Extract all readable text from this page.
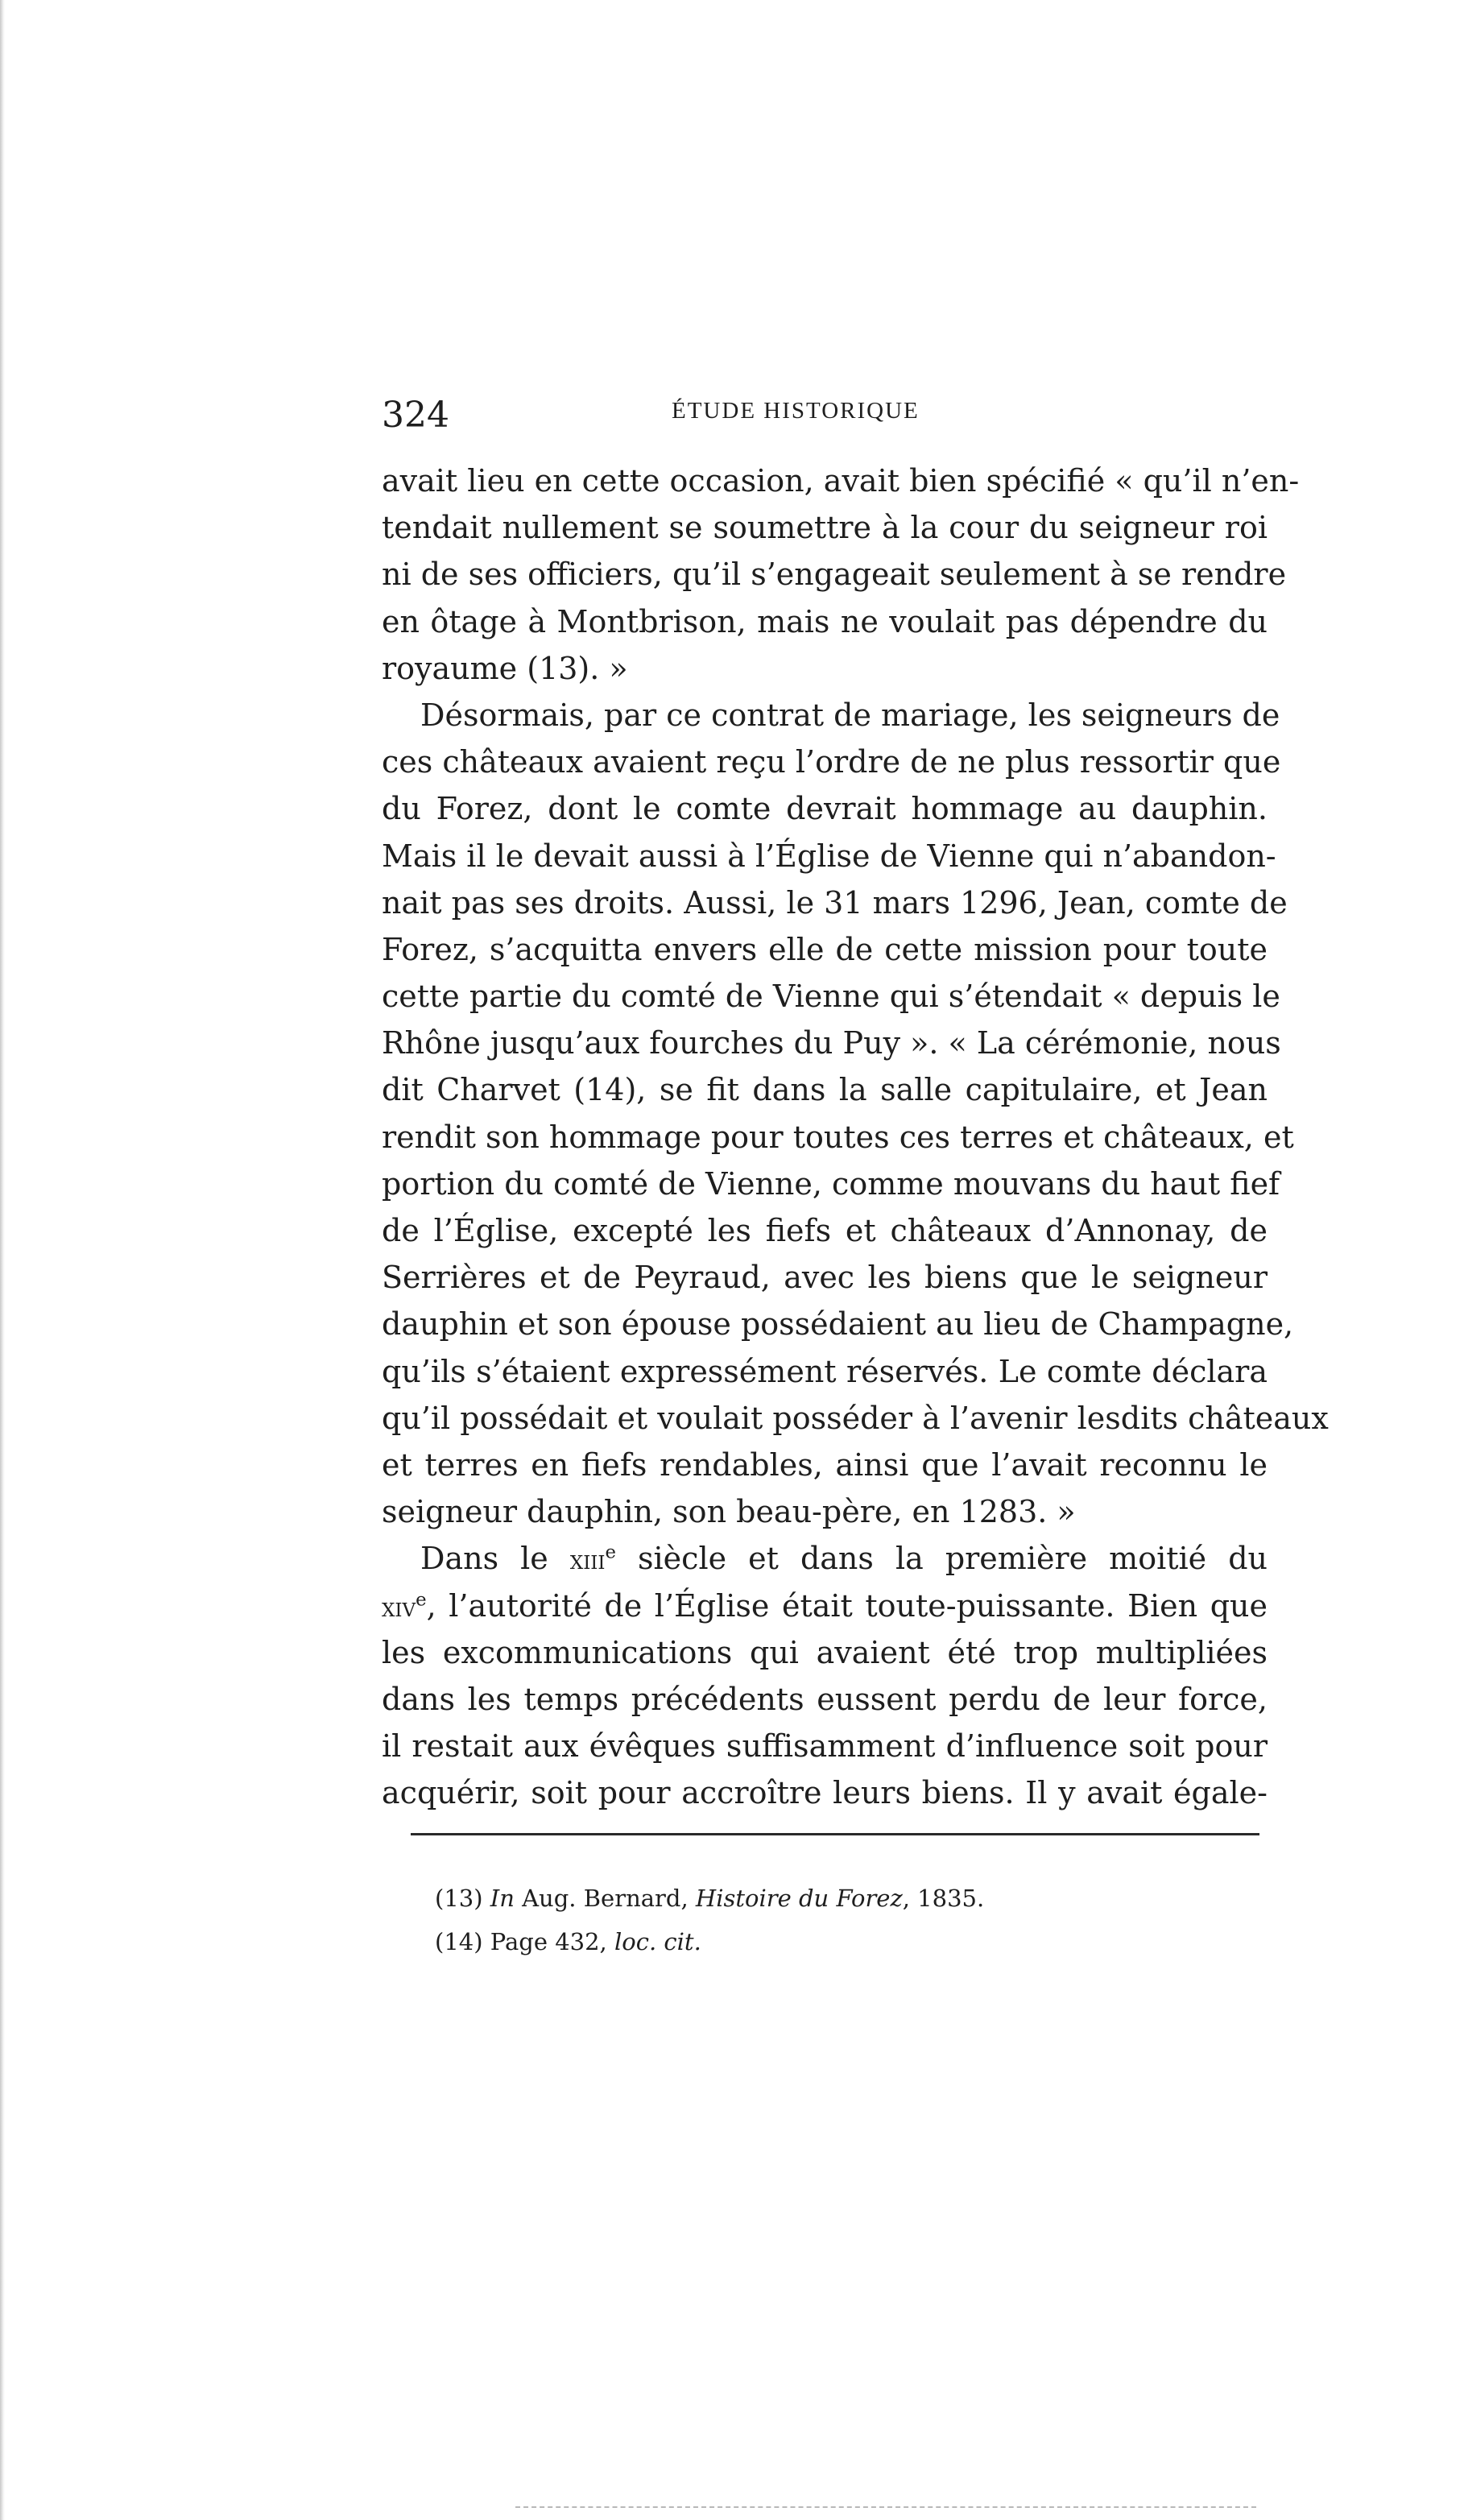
324	ÉTUDE HISTORIQUE
avait lieu en cette occasion, avait bien spécifié « qu’il n’en-
tendait nullement se soumettre à la cour du seigneur roi
ni de ses officiers, qu’il s’engageait seulement à se rendre
en ôtage à Montbrison, mais ne voulait pas dépendre du
royaume (13). »
Désormais, par ce contrat de mariage, les seigneurs de
ces châteaux avaient reçu l’ordre de ne plus ressortir que
du Forez, dont le comte devrait hommage au dauphin.
Mais il le devait aussi à l’Église de Vienne qui n’abandon-
nait pas ses droits. Aussi, le 31 mars 1296, Jean, comte de
Forez, s’acquitta envers elle de cette mission pour toute
cette partie du comté de Vienne qui s’étendait « depuis le
Rhône jusqu’aux fourches du Puy ». « La cérémonie, nous
dit Charvet (14), se fit dans la salle capitulaire, et Jean
rendit son hommage pour toutes ces terres et châteaux, et
portion du comté de Vienne, comme mouvans du haut fief
de l’Église, excepté les fiefs et châteaux d’Annonay, de
Serrières et de Peyraud, avec les biens que le seigneur
dauphin et son épouse possédaient au lieu de Champagne,
qu’ils s’étaient expressément réservés. Le comte déclara
qu’il possédait et voulait posséder à l’avenir lesdits châteaux
et terres en fiefs rendables, ainsi que l’avait reconnu le
seigneur dauphin, son beau-père, en 1283. »
Dans le xiii$^e$ siècle et dans la première moitié du
xiv$^e$, l’autorité de l’Église était toute-puissante. Bien que
les excommunications qui avaient été trop multipliées
dans les temps précédents eussent perdu de leur force,
il restait aux évêques suffisamment d’influence soit pour
acquérir, soit pour accroître leurs biens. Il y avait égale-
(13) In Aug. Bernard, Histoire du Forez, 1835.
(14) Page 432, loc. cit.
